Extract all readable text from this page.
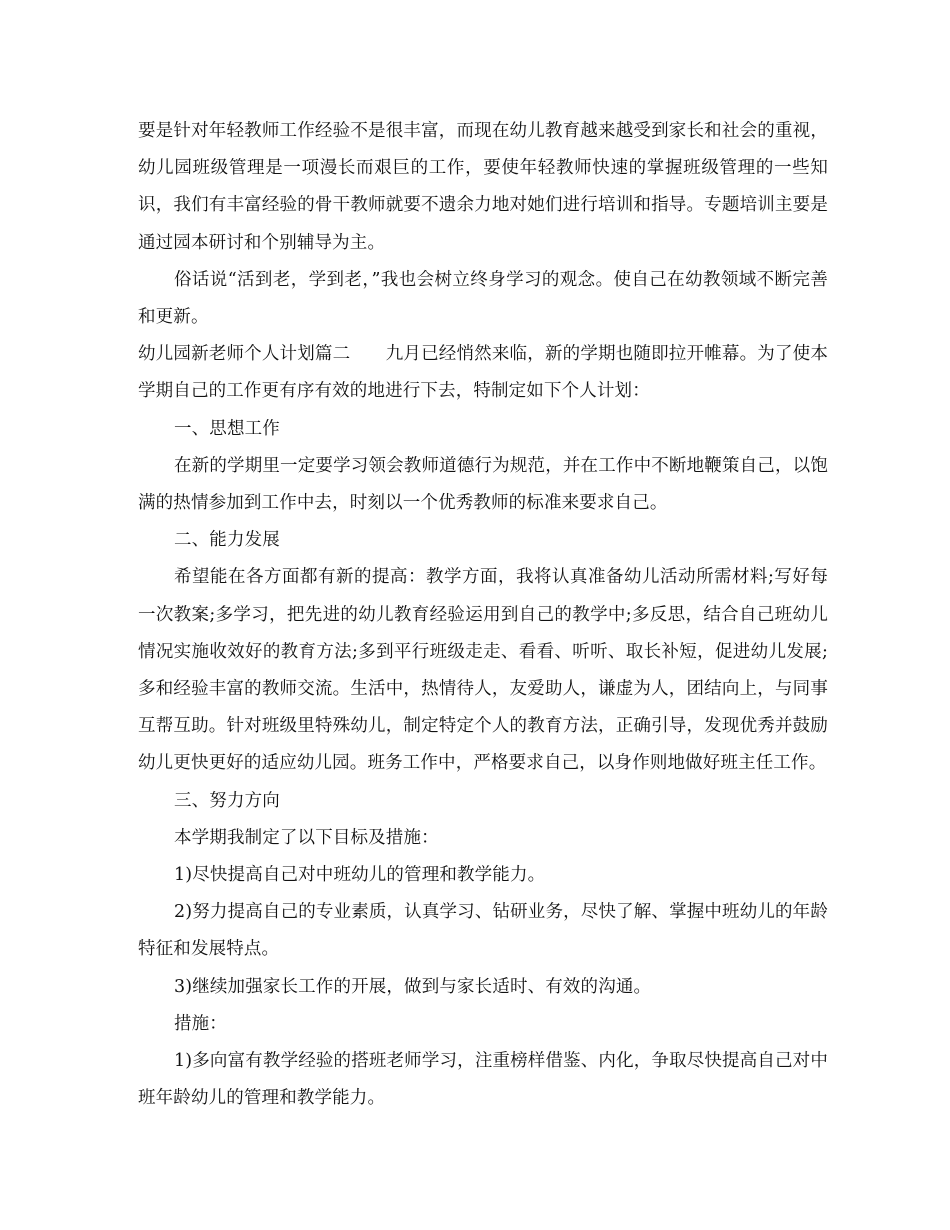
要是针对年轻教师工作经验不是很丰富，而现在幼儿教育越来越受到家长和社会的重视，幼儿园班级管理是一项漫长而艰巨的工作，要使年轻教师快速的掌握班级管理的一些知识，我们有丰富经验的骨干教师就要不遗余力地对她们进行培训和指导。专题培训主要是通过园本研讨和个别辅导为主。

俗话说“活到老，学到老，”我也会树立终身学习的观念。使自己在幼教领域不断完善和更新。

幼儿园新老师个人计划篇二　　九月已经悄然来临，新的学期也随即拉开帷幕。为了使本学期自己的工作更有序有效的地进行下去，特制定如下个人计划：

一、思想工作

在新的学期里一定要学习领会教师道德行为规范，并在工作中不断地鞭策自己，以饱满的热情参加到工作中去，时刻以一个优秀教师的标准来要求自己。

二、能力发展

希望能在各方面都有新的提高：教学方面，我将认真准备幼儿活动所需材料;写好每一次教案;多学习，把先进的幼儿教育经验运用到自己的教学中;多反思，结合自己班幼儿情况实施收效好的教育方法;多到平行班级走走、看看、听听、取长补短，促进幼儿发展;多和经验丰富的教师交流。生活中，热情待人，友爱助人，谦虚为人，团结向上，与同事互帮互助。针对班级里特殊幼儿，制定特定个人的教育方法，正确引导，发现优秀并鼓励幼儿更快更好的适应幼儿园。班务工作中，严格要求自己，以身作则地做好班主任工作。

三、努力方向

本学期我制定了以下目标及措施：

1)尽快提高自己对中班幼儿的管理和教学能力。

2)努力提高自己的专业素质，认真学习、钻研业务，尽快了解、掌握中班幼儿的年龄特征和发展特点。

3)继续加强家长工作的开展，做到与家长适时、有效的沟通。

措施：

1)多向富有教学经验的搭班老师学习，注重榜样借鉴、内化，争取尽快提高自己对中班年龄幼儿的管理和教学能力。
